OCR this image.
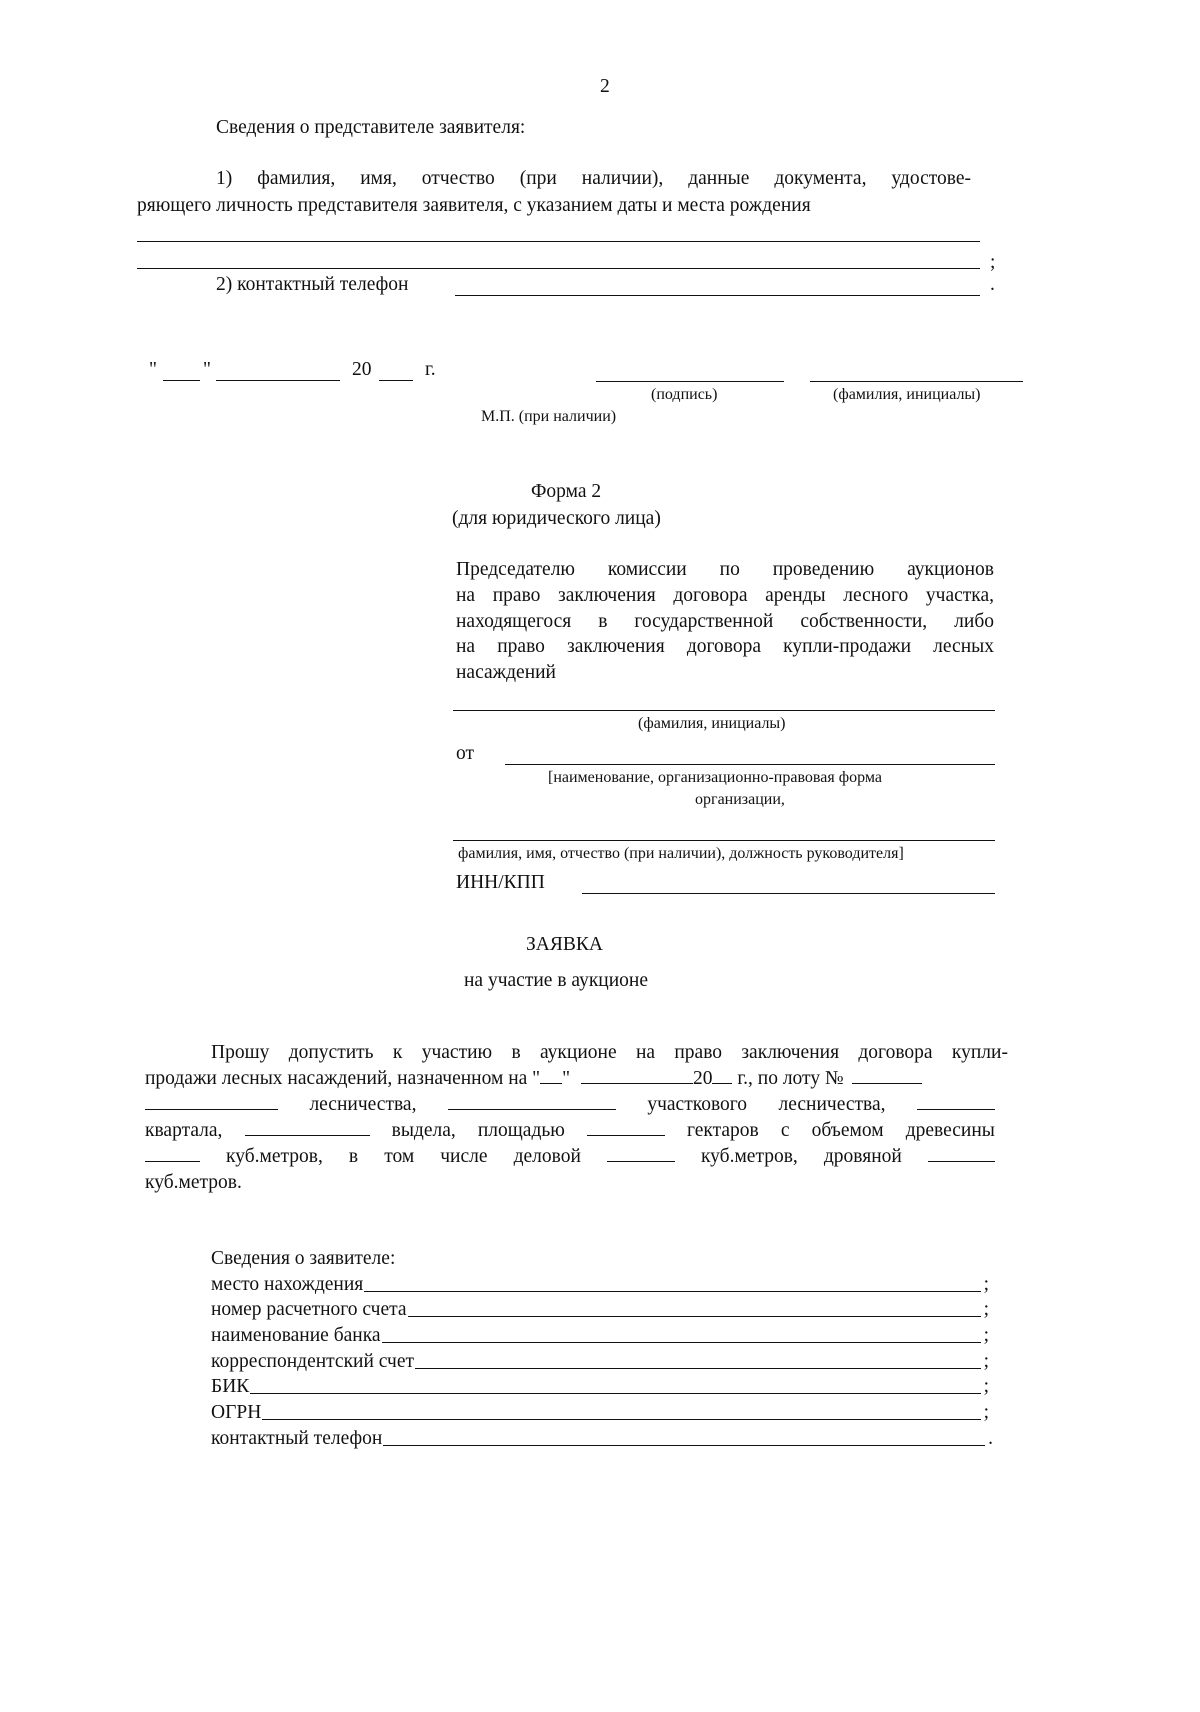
2
Сведения о представителе заявителя:
1) фамилия, имя, отчество (при наличии), данные документа, удостове-
ряющего личность представителя заявителя, с указанием даты и места рождения
;
2) контактный телефон	.
" "	20	г.
(подпись)	(фамилия, инициалы)
М.П. (при наличии)
Форма 2
(для юридического лица)
Председателю комиссии по проведению аукционов
на право заключения договора аренды лесного участка,
находящегося в государственной собственности, либо
на право заключения договора купли-продажи лесных
насаждений
(фамилия, инициалы)
от
[наименование, организационно-правовая форма
организации,
фамилия, имя, отчество (при наличии), должность руководителя]
ИНН/КПП
ЗАЯВКА
на участие в аукционе
Прошу допустить к участию в аукционе на право заключения договора купли-
продажи лесных насаждений, назначенном на " "	20 г., по лоту №
лесничества,	участкового лесничества,
квартала,	выдела, площадью	гектаров с объемом древесины
куб.метров, в том числе деловой	куб.метров, дровяной
куб.метров.
Сведения о заявителе:
место нахождения	;
номер расчетного счета	;
наименование банка	;
корреспондентский счет	;
БИК	;
ОГРН	;
контактный телефон	.
